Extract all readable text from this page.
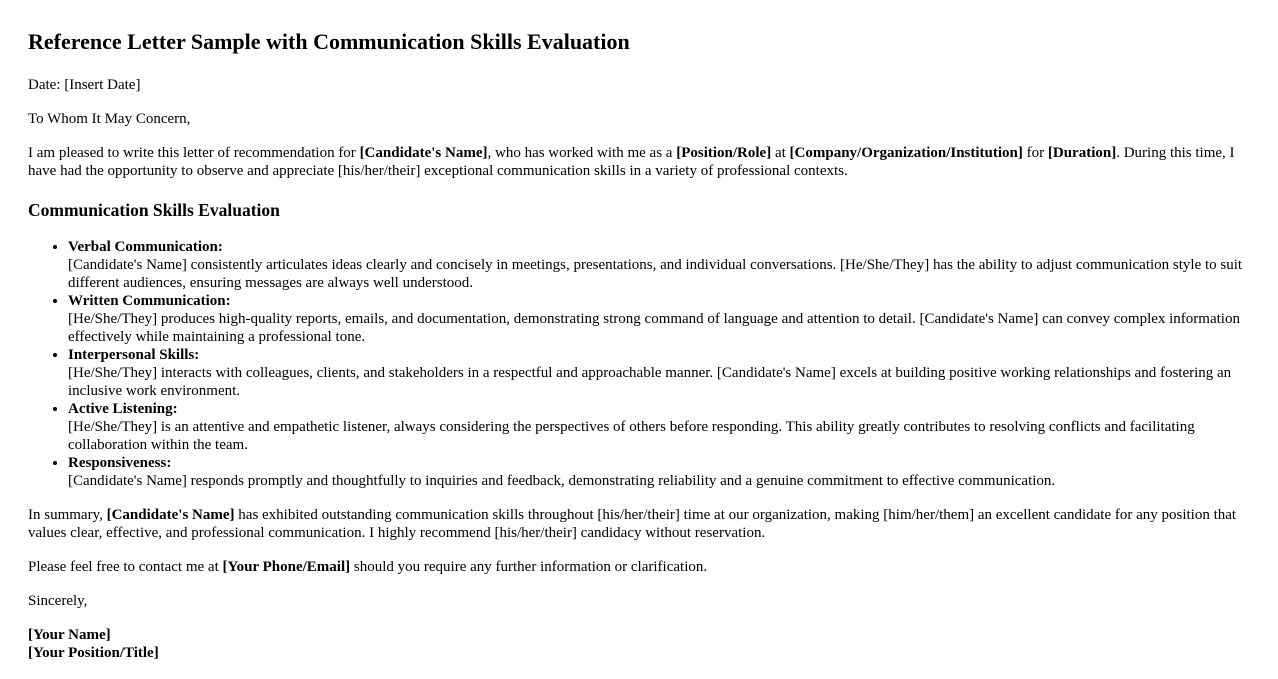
Reference Letter Sample with Communication Skills Evaluation

Date: [Insert Date]

To Whom It May Concern,

I am pleased to write this letter of recommendation for [Candidate's Name], who has worked with me as a [Position/Role] at [Company/Organization/Institution] for [Duration]. During this time, I have had the opportunity to observe and appreciate [his/her/their] exceptional communication skills in a variety of professional contexts.

Communication Skills Evaluation
• Verbal Communication:
[Candidate's Name] consistently articulates ideas clearly and concisely in meetings, presentations, and individual conversations. [He/She/They] has the ability to adjust communication style to suit different audiences, ensuring messages are always well understood.
• Written Communication:
[He/She/They] produces high-quality reports, emails, and documentation, demonstrating strong command of language and attention to detail. [Candidate's Name] can convey complex information effectively while maintaining a professional tone.
• Interpersonal Skills:
[He/She/They] interacts with colleagues, clients, and stakeholders in a respectful and approachable manner. [Candidate's Name] excels at building positive working relationships and fostering an inclusive work environment.
• Active Listening:
[He/She/They] is an attentive and empathetic listener, always considering the perspectives of others before responding. This ability greatly contributes to resolving conflicts and facilitating collaboration within the team.
• Responsiveness:
[Candidate's Name] responds promptly and thoughtfully to inquiries and feedback, demonstrating reliability and a genuine commitment to effective communication.

In summary, [Candidate's Name] has exhibited outstanding communication skills throughout [his/her/their] time at our organization, making [him/her/them] an excellent candidate for any position that values clear, effective, and professional communication. I highly recommend [his/her/their] candidacy without reservation.

Please feel free to contact me at [Your Phone/Email] should you require any further information or clarification.

Sincerely,

[Your Name]
[Your Position/Title]
